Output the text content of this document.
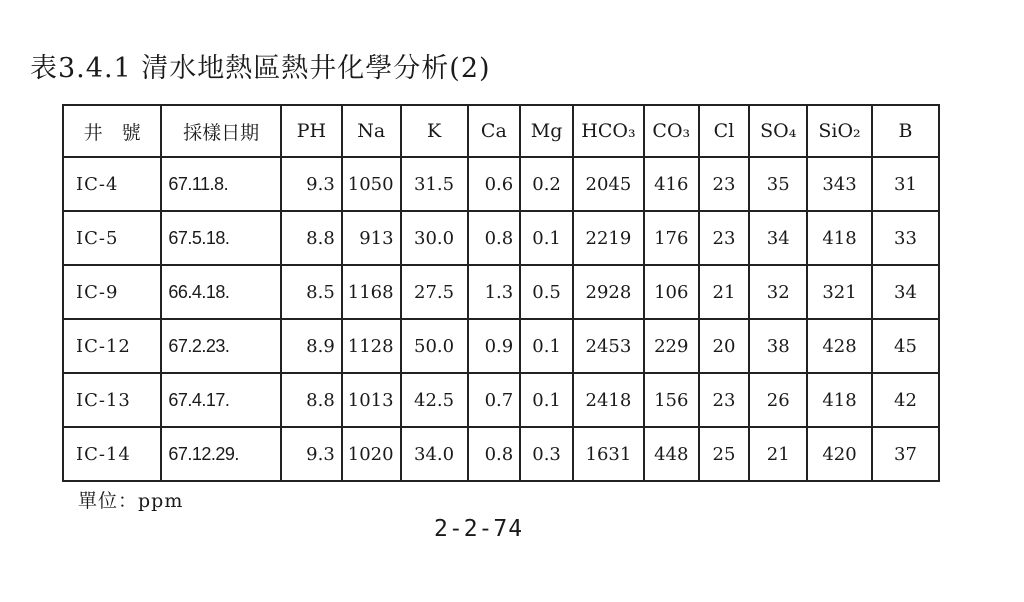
表3.4.1 清水地熱區熱井化學分析(2)
井　號	採樣日期	PH	Na	K	Ca	Mg	HCO₃	CO₃	Cl	SO₄	SiO₂	B
IC-4	67.11.8.	9.3	1050	31.5	0.6	0.2	2045	416	23	35	343	31
IC-5	67.5.18.	8.8	913	30.0	0.8	0.1	2219	176	23	34	418	33
IC-9	66.4.18.	8.5	1168	27.5	1.3	0.5	2928	106	21	32	321	34
IC-12	67.2.23.	8.9	1128	50.0	0.9	0.1	2453	229	20	38	428	45
IC-13	67.4.17.	8.8	1013	42.5	0.7	0.1	2418	156	23	26	418	42
IC-14	67.12.29.	9.3	1020	34.0	0.8	0.3	1631	448	25	21	420	37
單位：ppm
2-2-74
